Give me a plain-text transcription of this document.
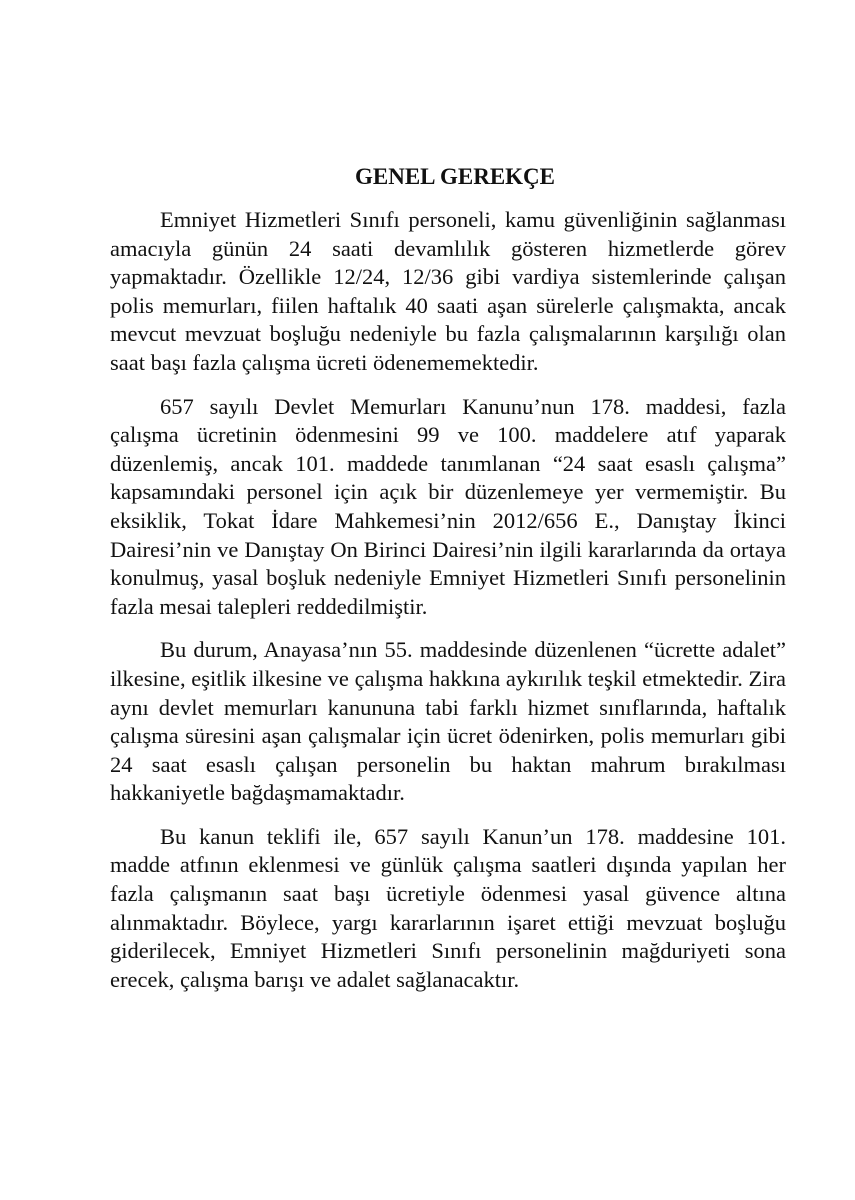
GENEL GEREKÇE

Emniyet Hizmetleri Sınıfı personeli, kamu güvenliğinin sağlanması amacıyla günün 24 saati devamlılık gösteren hizmetlerde görev yapmaktadır. Özellikle 12/24, 12/36 gibi vardiya sistemlerinde çalışan polis memurları, fiilen haftalık 40 saati aşan sürelerle çalışmakta, ancak mevcut mevzuat boşluğu nedeniyle bu fazla çalışmalarının karşılığı olan saat başı fazla çalışma ücreti ödenememektedir.

657 sayılı Devlet Memurları Kanunu’nun 178. maddesi, fazla çalışma ücretinin ödenmesini 99 ve 100. maddelere atıf yaparak düzenlemiş, ancak 101. maddede tanımlanan “24 saat esaslı çalışma” kapsamındaki personel için açık bir düzenlemeye yer vermemiştir. Bu eksiklik, Tokat İdare Mahkemesi’nin 2012/656 E., Danıştay İkinci Dairesi’nin ve Danıştay On Birinci Dairesi’nin ilgili kararlarında da ortaya konulmuş, yasal boşluk nedeniyle Emniyet Hizmetleri Sınıfı personelinin fazla mesai talepleri reddedilmiştir.

Bu durum, Anayasa’nın 55. maddesinde düzenlenen “ücrette adalet” ilkesine, eşitlik ilkesine ve çalışma hakkına aykırılık teşkil etmektedir. Zira aynı devlet memurları kanununa tabi farklı hizmet sınıflarında, haftalık çalışma süresini aşan çalışmalar için ücret ödenirken, polis memurları gibi 24 saat esaslı çalışan personelin bu haktan mahrum bırakılması hakkaniyetle bağdaşmamaktadır.

Bu kanun teklifi ile, 657 sayılı Kanun’un 178. maddesine 101. madde atfının eklenmesi ve günlük çalışma saatleri dışında yapılan her fazla çalışmanın saat başı ücretiyle ödenmesi yasal güvence altına alınmaktadır. Böylece, yargı kararlarının işaret ettiği mevzuat boşluğu giderilecek, Emniyet Hizmetleri Sınıfı personelinin mağduriyeti sona erecek, çalışma barışı ve adalet sağlanacaktır.
